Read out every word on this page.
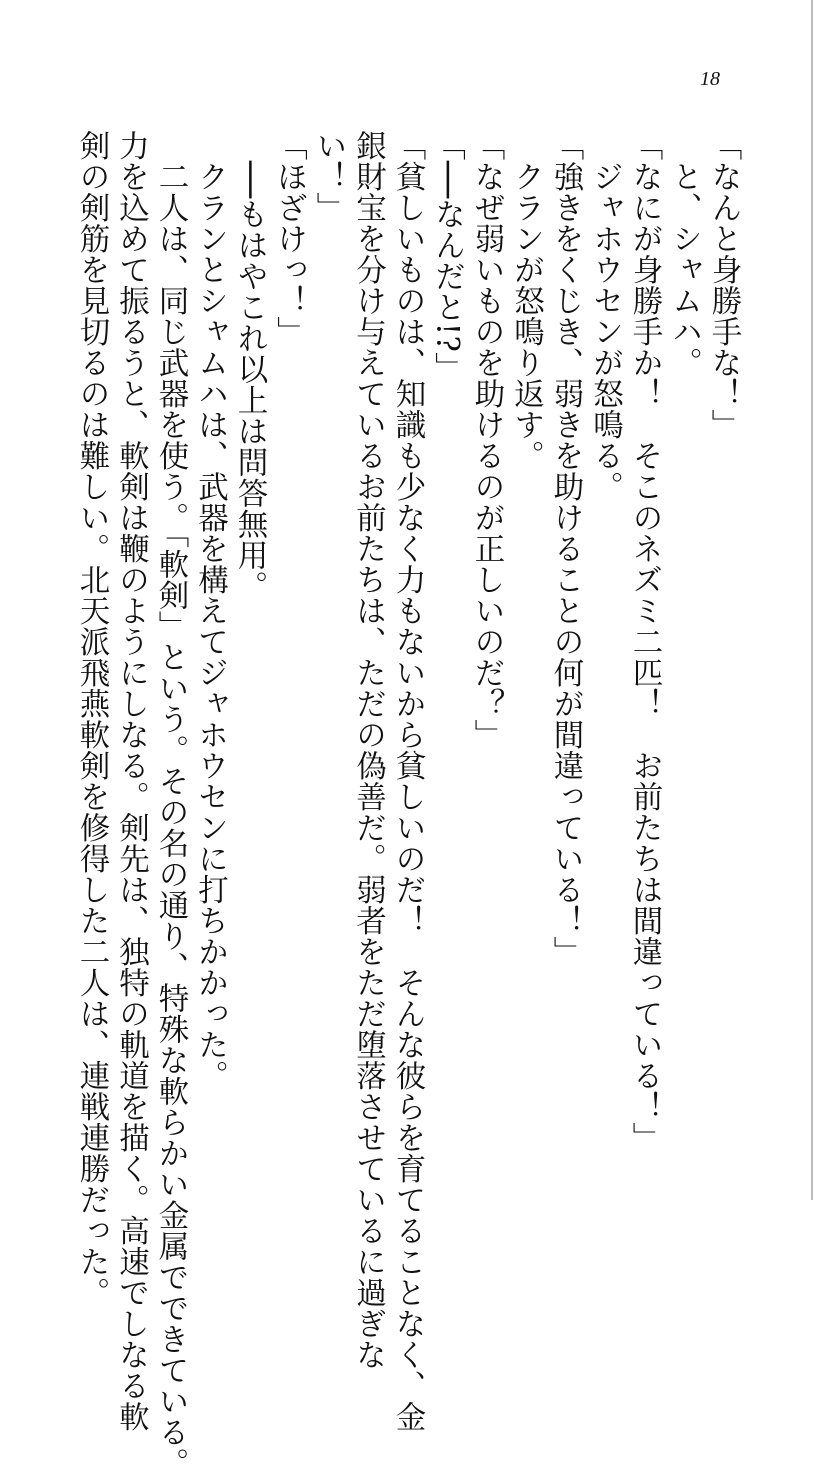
18
「なんと身勝手な！」
　と、シャムハ。
「なにが身勝手か！　そこのネズミ二匹！　お前たちは間違っている！」
　ジャホウセンが怒鳴る。
「強きをくじき、弱きを助けることの何が間違っている！」
　クランが怒鳴り返す。
「なぜ弱いものを助けるのが正しいのだ？」
「──なんだと!?」
「貧しいものは、知識も少なく力もないから貧しいのだ！　そんな彼らを育てることなく、金
銀財宝を分け与えているお前たちは、ただの偽善だ。弱者をただ堕落させているに過ぎな
い！」
「ほざけっ！」
　──もはやこれ以上は問答無用。
　クランとシャムハは、武器を構えてジャホウセンに打ちかかった。
　二人は、同じ武器を使う。「軟剣」という。その名の通り、特殊な軟らかい金属でできている。
力を込めて振るうと、軟剣は鞭のようにしなる。剣先は、独特の軌道を描く。高速でしなる軟
剣の剣筋を見切るのは難しい。北天派飛燕軟剣を修得した二人は、連戦連勝だった。
